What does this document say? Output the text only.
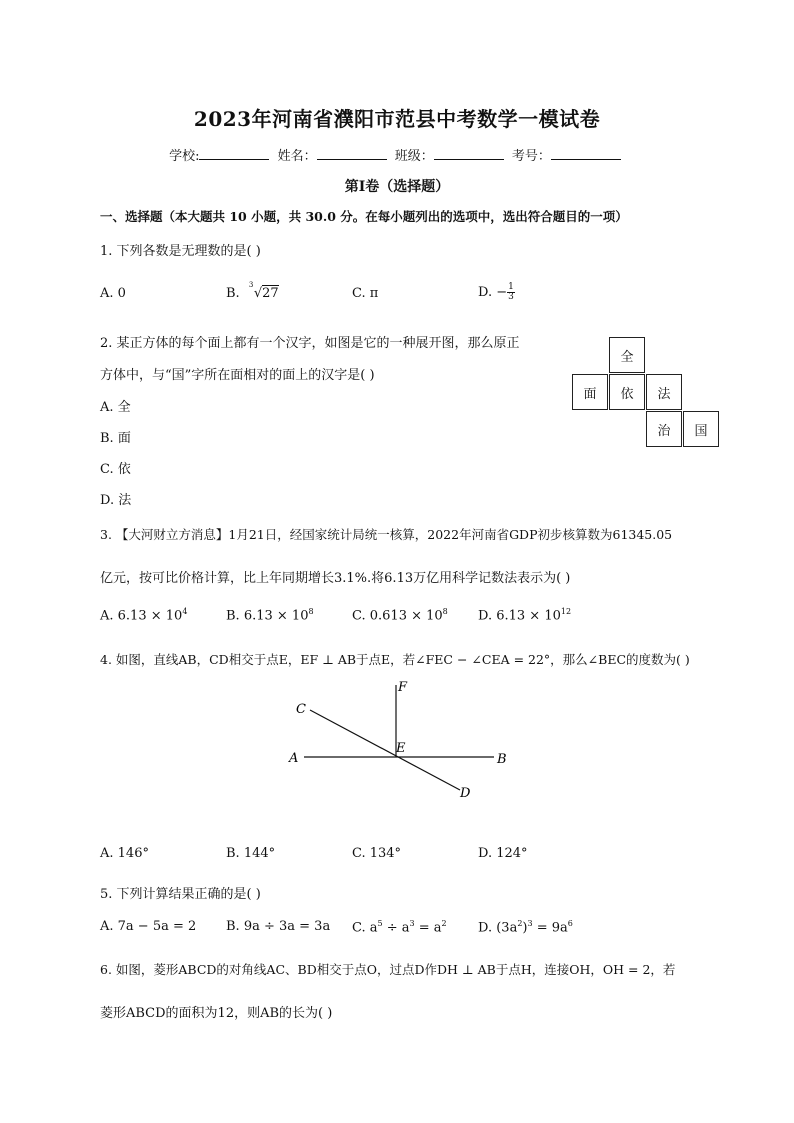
2023年河南省濮阳市范县中考数学一模试卷
学校:	姓名：	班级：	考号：
第Ⅰ卷（选择题）
一、选择题（本大题共 10 小题，共 30.0 分。在每小题列出的选项中，选出符合题目的一项）
1. 下列各数是无理数的是( )
A. 0	B.
3
√27	C. π	D. − $\frac{1}{3}$
2. 某正方体的每个面上都有一个汉字，如图是它的一种展开图，那么原正
方体中，与“国”字所在面相对的面上的汉字是( )
A. 全
B. 面
C. 依
D. 法
全
面	依	法
治	国
3. 【大河财立方消息】1月21日，经国家统计局统一核算，2022年河南省GDP初步核算数为61345.05
亿元，按可比价格计算，比上年同期增长3.1%.将6.13万亿用科学记数法表示为( )
A. $6.13 \times 10^4$	B. $6.13 \times 10^8$	C. $0.613 \times 10^8$ D. $6.13 \times 10^{12}$
4. 如图，直线AB，CD相交于点E，EF ⊥ AB于点E，若∠FEC − ∠CEA = 22°，那么∠BEC的度数为( )
A	B
C
D
E
F
A. 146°	B. 144°	C. 134°	D. 124°
5. 下列计算结果正确的是( )
A. 7a − 5a = 2 B. 9a ÷ 3a = 3a C. $a^5 \div a^3 = a^2$ D. $(3a^2)^3 = 9a^6$
6. 如图，菱形ABCD的对角线AC、BD相交于点O，过点D作DH ⊥ AB于点H，连接OH，OH = 2，若
菱形ABCD的面积为12，则AB的长为( )
